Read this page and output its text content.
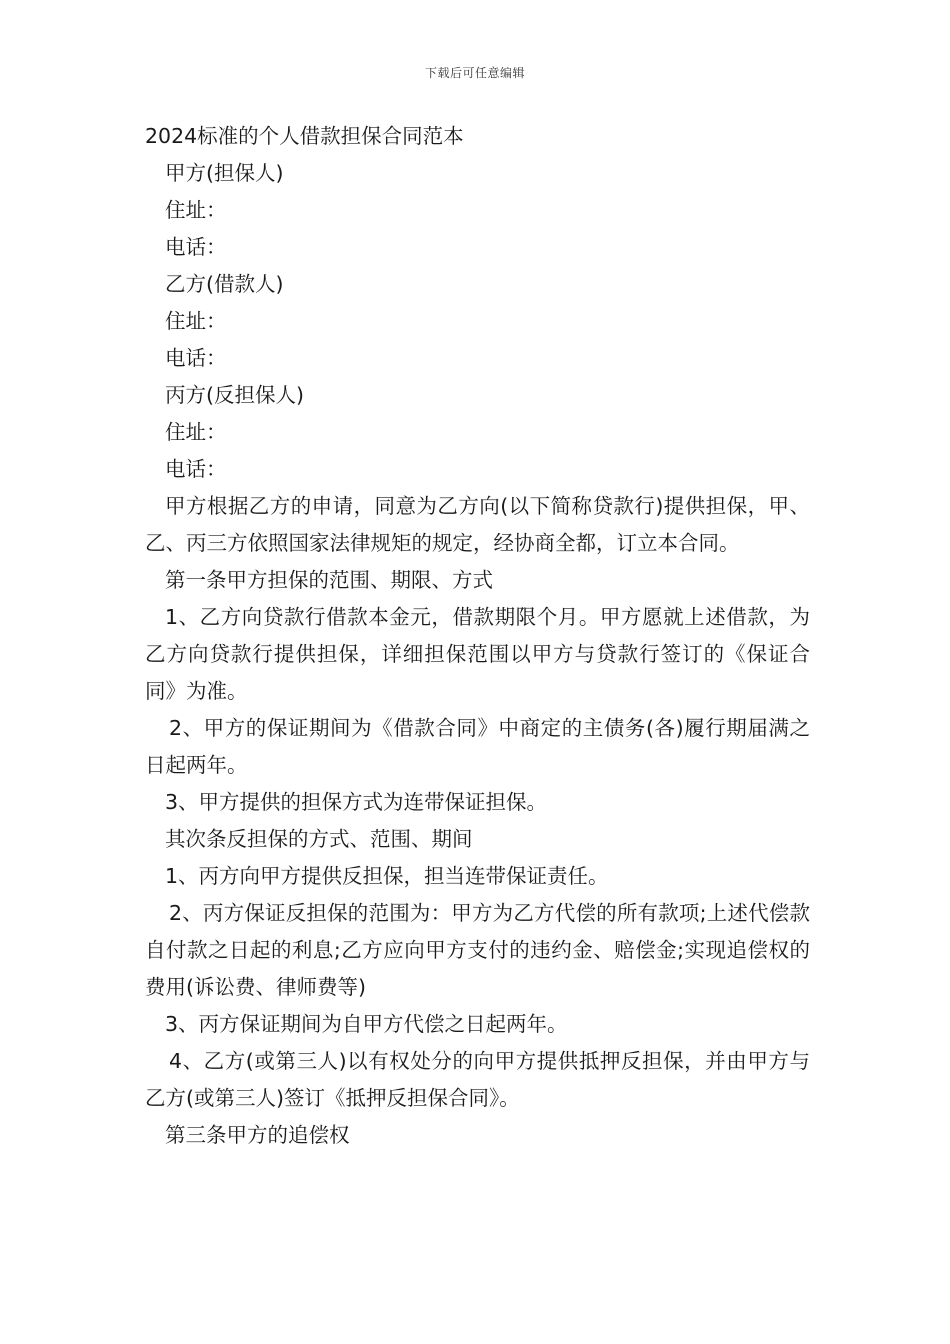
下载后可任意编辑
2024标准的个人借款担保合同范本

甲方(担保人)

住址：

电话：

乙方(借款人)

住址：

电话：

丙方(反担保人)

住址：

电话：

甲方根据乙方的申请，同意为乙方向(以下简称贷款行)提供担保，甲、乙、丙三方依照国家法律规矩的规定，经协商全都，订立本合同。

第一条甲方担保的范围、期限、方式

1、乙方向贷款行借款本金元，借款期限个月。甲方愿就上述借款，为乙方向贷款行提供担保，详细担保范围以甲方与贷款行签订的《保证合同》为准。

2、甲方的保证期间为《借款合同》中商定的主债务(各)履行期届满之日起两年。

3、甲方提供的担保方式为连带保证担保。

其次条反担保的方式、范围、期间

1、丙方向甲方提供反担保，担当连带保证责任。

2、丙方保证反担保的范围为：甲方为乙方代偿的所有款项;上述代偿款自付款之日起的利息;乙方应向甲方支付的违约金、赔偿金;实现追偿权的费用(诉讼费、律师费等)

3、丙方保证期间为自甲方代偿之日起两年。

4、乙方(或第三人)以有权处分的向甲方提供抵押反担保，并由甲方与乙方(或第三人)签订《抵押反担保合同》。

第三条甲方的追偿权
